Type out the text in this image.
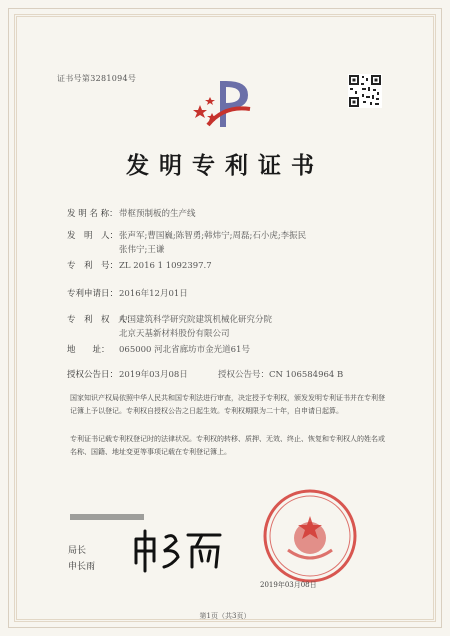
证书号第3281094号
发明专利证书
发 明 名 称：带框预制板的生产线
发　明　人：张声军;曹国巍;陈智勇;韩炜宁;周磊;石小虎;李振民
张伟宁;王谦
专　利　号：ZL 2016 1 1092397.7
专利申请日：2016年12月01日
专　利　权　人：中国建筑科学研究院建筑机械化研究分院
北京天基新材料股份有限公司
地　　址： 065000 河北省廊坊市金光道61号
授权公告日：2019年03月08日	授权公告号：CN 106584964 B
国家知识产权局依照中华人民共和国专利法进行审查，决定授予专利权，颁发发明专利证书并在专利登记簿上予以登记。专利权自授权公告之日起生效。专利权期限为二十年，自申请日起算。
专利证书记载专利权登记时的法律状况。专利权的转移、质押、无效、终止、恢复和专利权人的姓名或名称、国籍、地址变更等事项记载在专利登记簿上。
局长
申长雨
2019年03月08日
第1页（共3页）
